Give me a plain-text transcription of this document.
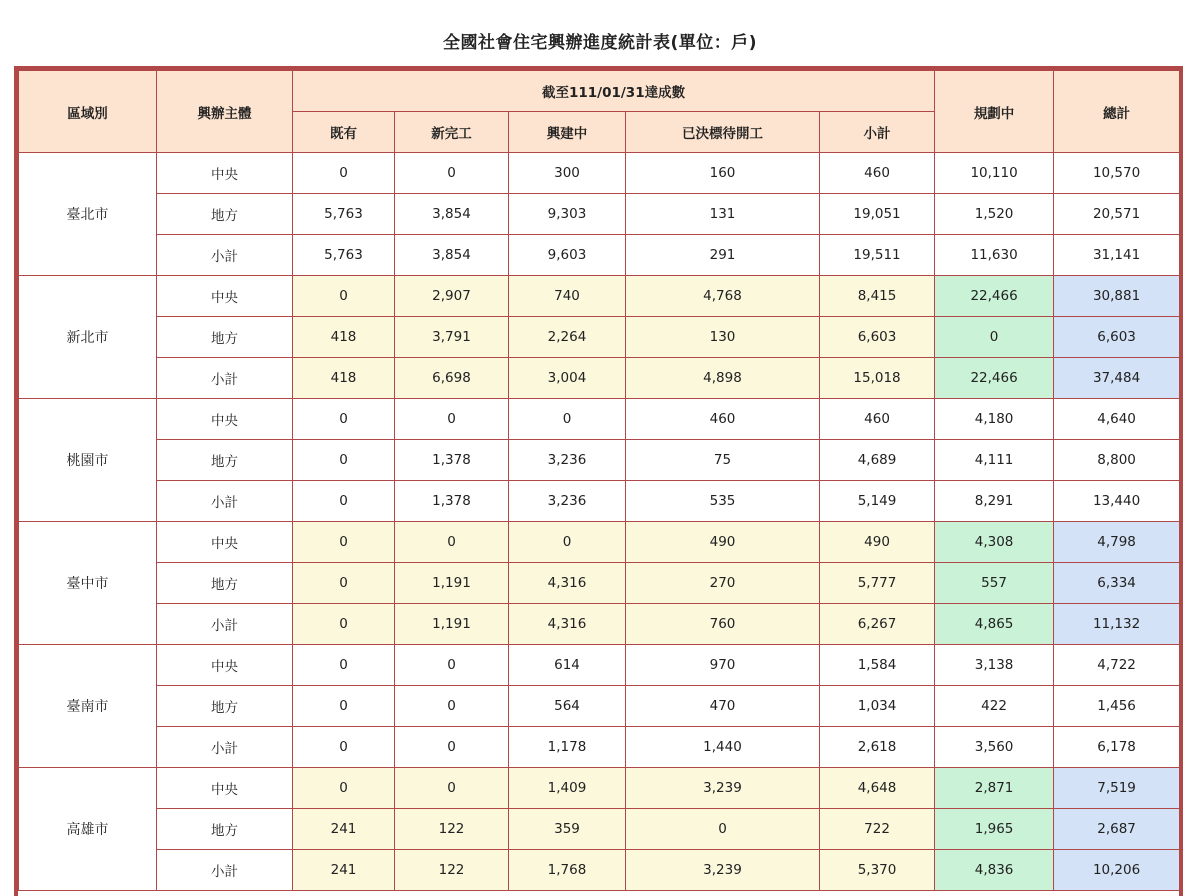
全國社會住宅興辦進度統計表(單位：戶)
區域別	興辦主體	截至111/01/31達成數					規劃中	總計
		既有	新完工	興建中	已決標待開工	小計		
臺北市	中央	0	0	300	160	460	10,110	10,570
	地方	5,763	3,854	9,303	131	19,051	1,520	20,571
	小計	5,763	3,854	9,603	291	19,511	11,630	31,141
新北市	中央	0	2,907	740	4,768	8,415	22,466	30,881
	地方	418	3,791	2,264	130	6,603	0	6,603
	小計	418	6,698	3,004	4,898	15,018	22,466	37,484
桃園市	中央	0	0	0	460	460	4,180	4,640
	地方	0	1,378	3,236	75	4,689	4,111	8,800
	小計	0	1,378	3,236	535	5,149	8,291	13,440
臺中市	中央	0	0	0	490	490	4,308	4,798
	地方	0	1,191	4,316	270	5,777	557	6,334
	小計	0	1,191	4,316	760	6,267	4,865	11,132
臺南市	中央	0	0	614	970	1,584	3,138	4,722
	地方	0	0	564	470	1,034	422	1,456
	小計	0	0	1,178	1,440	2,618	3,560	6,178
高雄市	中央	0	0	1,409	3,239	4,648	2,871	7,519
	地方	241	122	359	0	722	1,965	2,687
	小計	241	122	1,768	3,239	5,370	4,836	10,206
